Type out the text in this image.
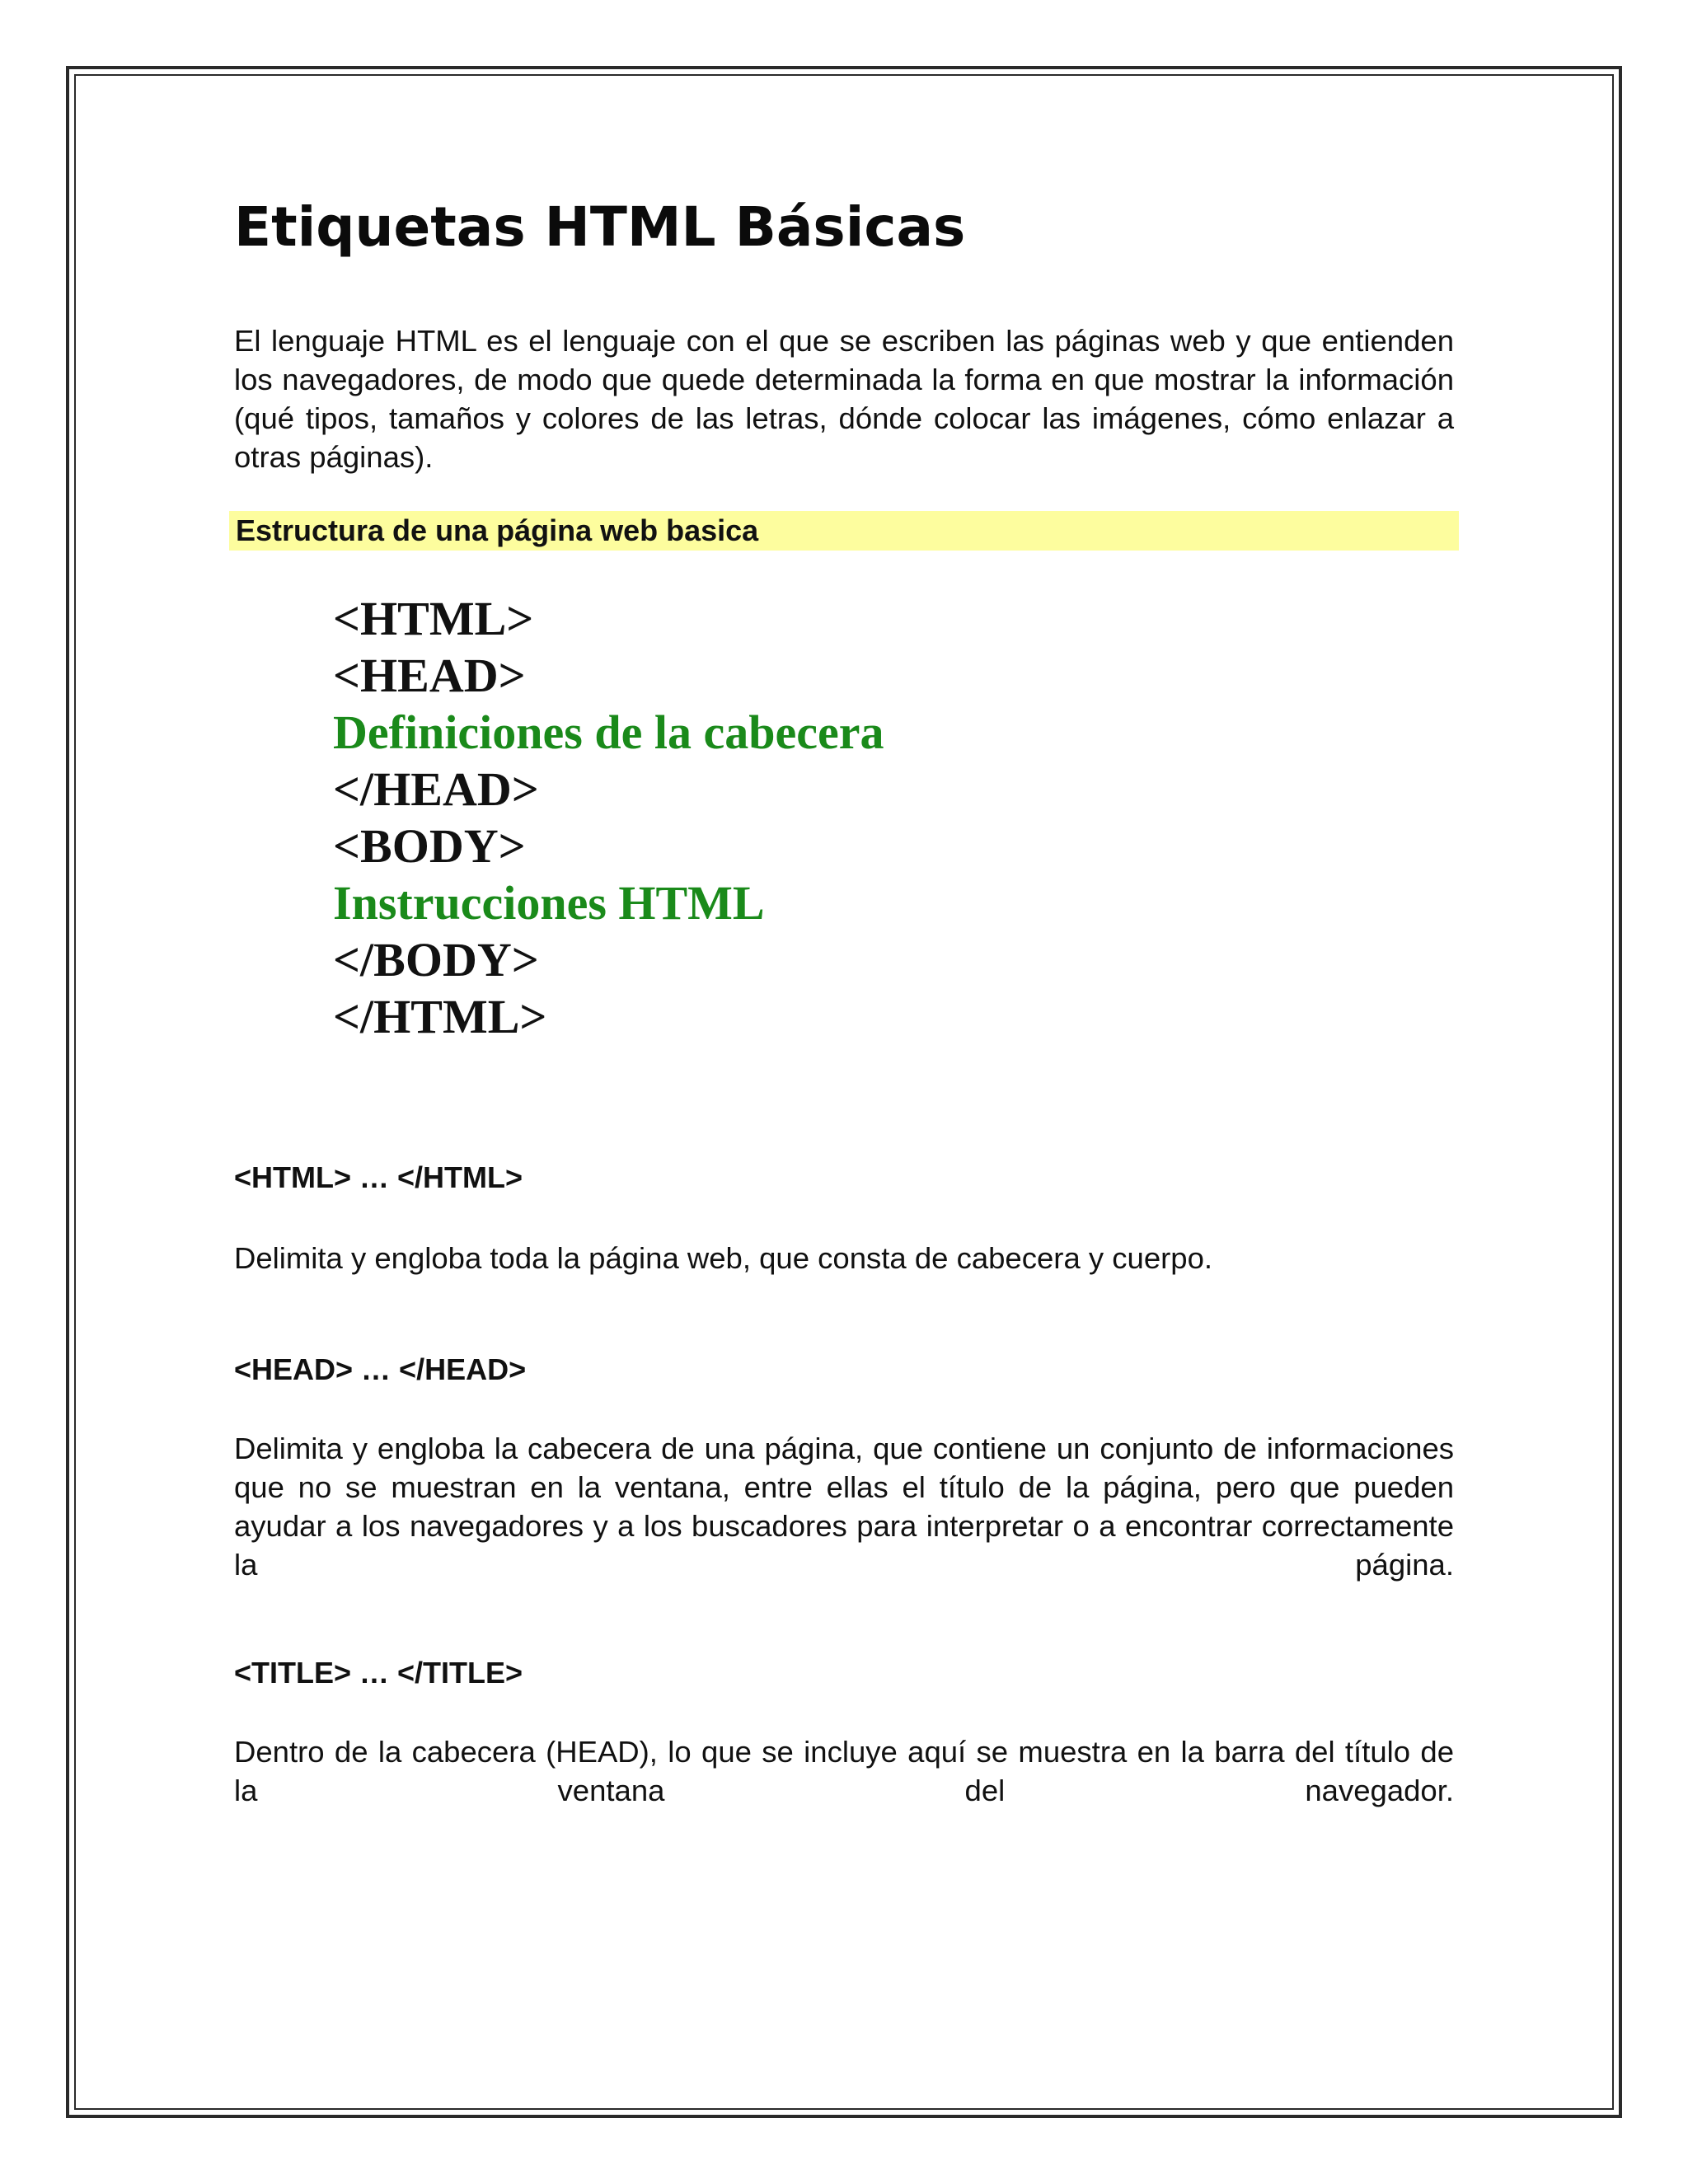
Etiquetas HTML Básicas

El lenguaje HTML es el lenguaje con el que se escriben las páginas web y que entienden los navegadores, de modo que quede determinada la forma en que mostrar la información (qué tipos, tamaños y colores de las letras, dónde colocar las imágenes, cómo enlazar a otras páginas).

Estructura de una página web basica
<HTML>
<HEAD>
Definiciones de la cabecera
</HEAD>
<BODY>
Instrucciones HTML
</BODY>
</HTML>

<HTML> … </HTML>

Delimita y engloba toda la página web, que consta de cabecera y cuerpo.

<HEAD> … </HEAD>

Delimita y engloba la cabecera de una página, que contiene un conjunto de informaciones que no se muestran en la ventana, entre ellas el título de la página, pero que pueden ayudar a los navegadores y a los buscadores para interpretar o a encontrar correctamente la página.

<TITLE> … </TITLE>

Dentro de la cabecera (HEAD), lo que se incluye aquí se muestra en la barra del título de la ventana del navegador.
